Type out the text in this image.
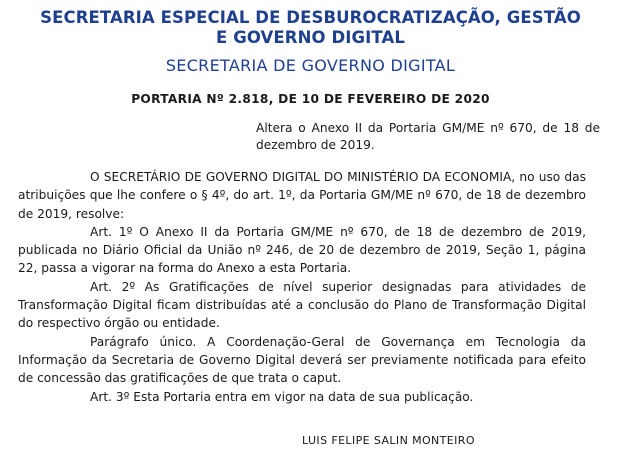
SECRETARIA ESPECIAL DE DESBUROCRATIZAÇÃO, GESTÃO
E GOVERNO DIGITAL
SECRETARIA DE GOVERNO DIGITAL
PORTARIA Nº 2.818, DE 10 DE FEVEREIRO DE 2020
Altera o Anexo II da Portaria GM/ME nº 670, de 18 de dezembro de 2019.

O SECRETÁRIO DE GOVERNO DIGITAL DO MINISTÉRIO DA ECONOMIA, no uso das atribuições que lhe confere o § 4º, do art. 1º, da Portaria GM/ME nº 670, de 18 de dezembro de 2019, resolve:

Art. 1º O Anexo II da Portaria GM/ME nº 670, de 18 de dezembro de 2019, publicada no Diário Oficial da União nº 246, de 20 de dezembro de 2019, Seção 1, página 22, passa a vigorar na forma do Anexo a esta Portaria.

Art. 2º As Gratificações de nível superior designadas para atividades de Transformação Digital ficam distribuídas até a conclusão do Plano de Transformação Digital do respectivo órgão ou entidade.

Parágrafo único. A Coordenação-Geral de Governança em Tecnologia da Informação da Secretaria de Governo Digital deverá ser previamente notificada para efeito de concessão das gratificações de que trata o caput.

Art. 3º Esta Portaria entra em vigor na data de sua publicação.

LUIS FELIPE SALIN MONTEIRO
